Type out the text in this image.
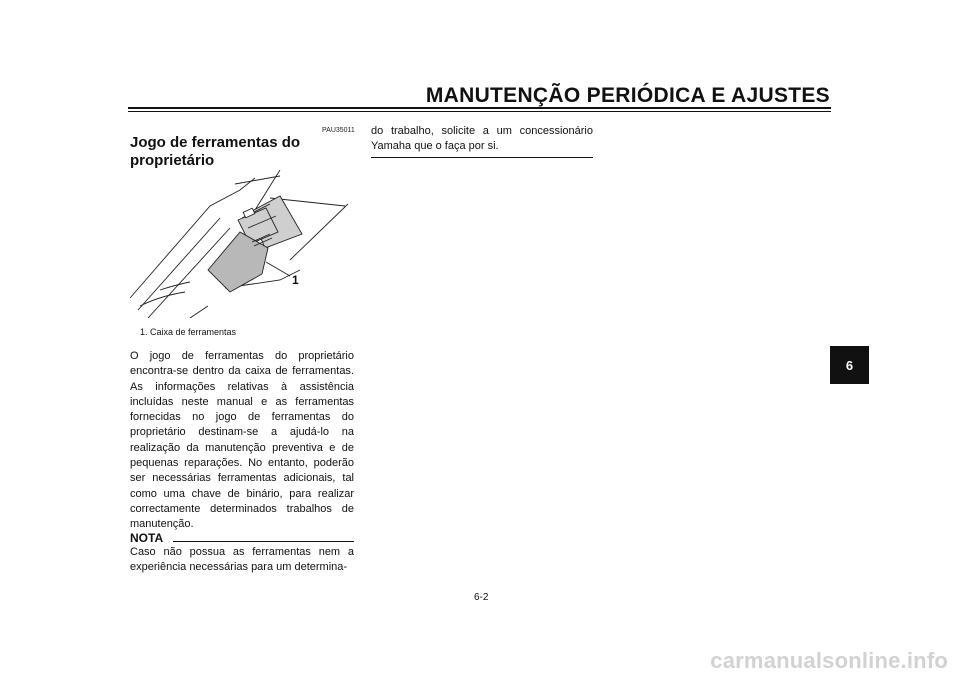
MANUTENÇÃO PERIÓDICA E AJUSTES
PAU35011
Jogo de ferramentas do proprietário
1
1. Caixa de ferramentas

O jogo de ferramentas do proprietário encontra-se dentro da caixa de ferramentas. As informações relativas à assistência incluídas neste manual e as ferramentas fornecidas no jogo de ferramentas do proprietário destinam-se a ajudá-lo na realização da manutenção preventiva e de pequenas reparações. No entanto, poderão ser necessárias ferramentas adicionais, tal como uma chave de binário, para realizar correctamente determinados trabalhos de manutenção.

NOTA

Caso não possua as ferramentas nem a experiência necessárias para um determina-

do trabalho, solicite a um concessionário Yamaha que o faça por si.

6-2
6
carmanualsonline.info
